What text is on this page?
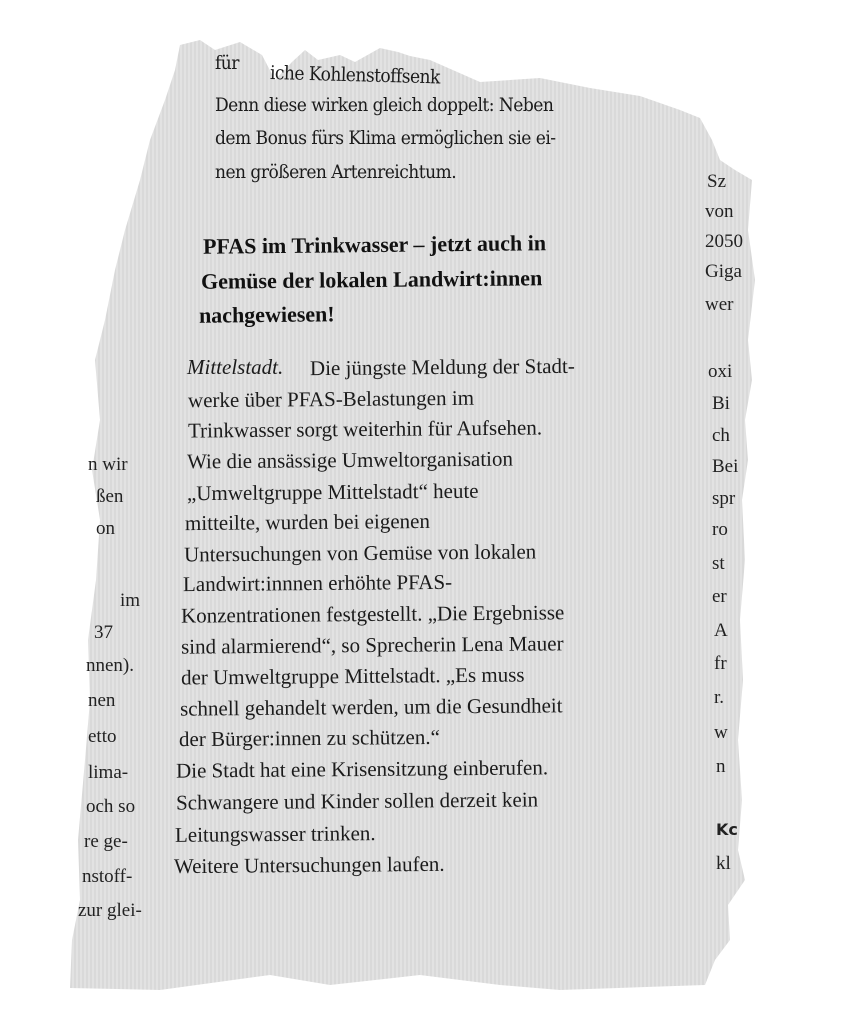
für iche Kohlenstoffsenk
Denn diese wirken gleich doppelt: Neben
dem Bonus fürs Klima ermöglichen sie ei-
nen größeren Artenreichtum.
PFAS im Trinkwasser – jetzt auch in
Gemüse der lokalen Landwirt:innen
nachgewiesen!
Mittelstadt. Die jüngste Meldung der Stadt-
werke über PFAS-Belastungen im
Trinkwasser sorgt weiterhin für Aufsehen.
Wie die ansässige Umweltorganisation
„Umweltgruppe Mittelstadt“ heute
mitteilte, wurden bei eigenen
Untersuchungen von Gemüse von lokalen
Landwirt:innnen erhöhte PFAS-
Konzentrationen festgestellt. „Die Ergebnisse
sind alarmierend“, so Sprecherin Lena Mauer
der Umweltgruppe Mittelstadt. „Es muss
schnell gehandelt werden, um die Gesundheit
der Bürger:innen zu schützen.“
Die Stadt hat eine Krisensitzung einberufen.
Schwangere und Kinder sollen derzeit kein
Leitungswasser trinken.
Weitere Untersuchungen laufen.
n wir
ßen
on
im
37
nnen).
nen
etto
lima-
och so
re ge-
nstoff-
zur glei-
Sz
von
2050
Giga
wer
oxi
Bi
ch
Bei
spr
ro
st
er
A
fr
r.
w
n
Kc
kl
